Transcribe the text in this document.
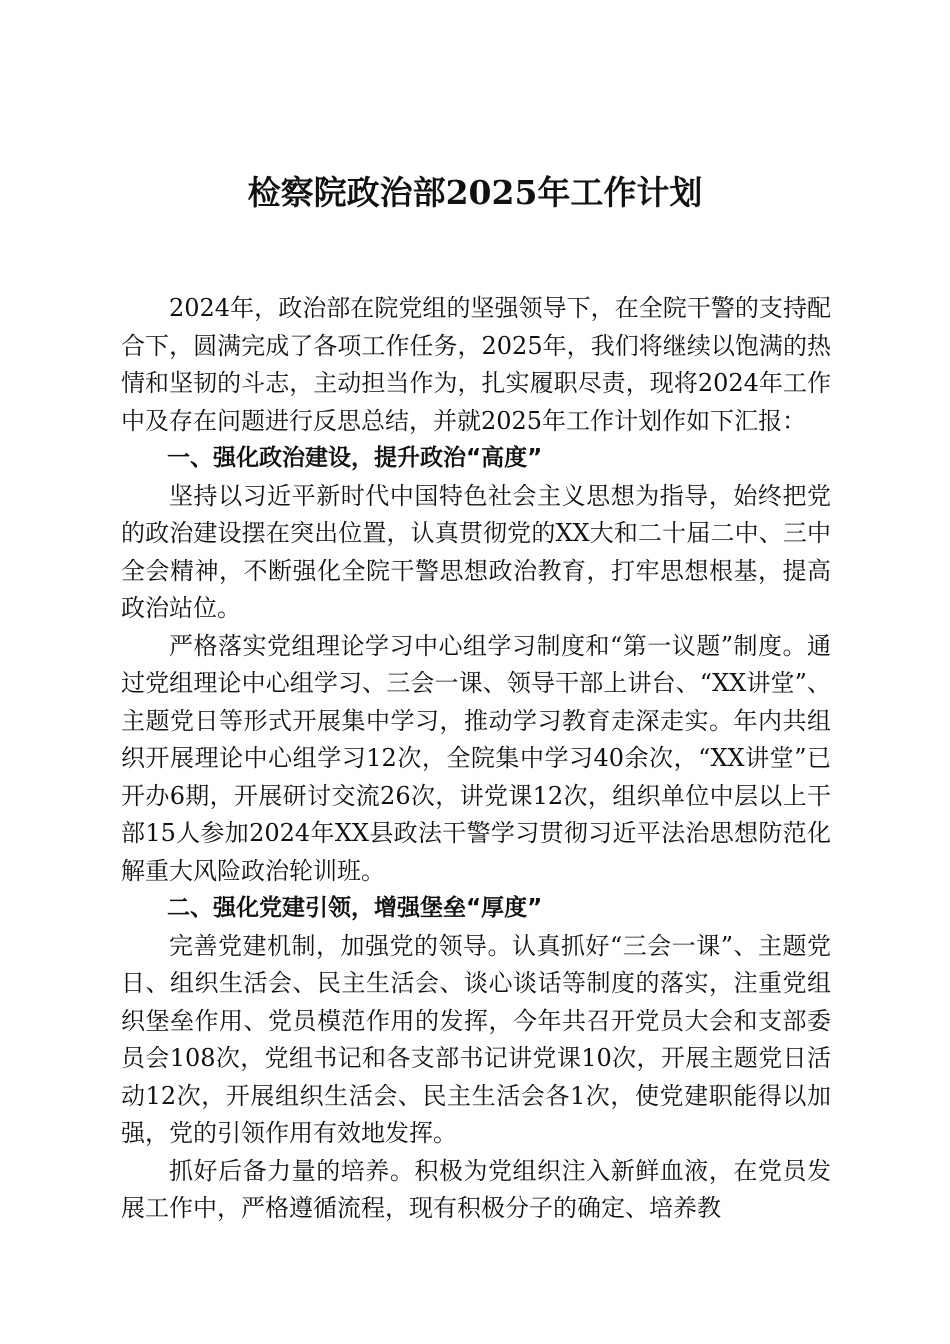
检察院政治部2025年工作计划

2024年，政治部在院党组的坚强领导下，在全院干警的支持配合下，圆满完成了各项工作任务，2025年，我们将继续以饱满的热情和坚韧的斗志，主动担当作为，扎实履职尽责，现将2024年工作中及存在问题进行反思总结，并就2025年工作计划作如下汇报：

一、强化政治建设，提升政治“高度”

坚持以习近平新时代中国特色社会主义思想为指导，始终把党的政治建设摆在突出位置，认真贯彻党的XX大和二十届二中、三中全会精神，不断强化全院干警思想政治教育，打牢思想根基，提高政治站位。

严格落实党组理论学习中心组学习制度和“第一议题”制度。通过党组理论中心组学习、三会一课、领导干部上讲台、“XX讲堂”、主题党日等形式开展集中学习，推动学习教育走深走实。年内共组织开展理论中心组学习12次，全院集中学习40余次，“XX讲堂”已开办6期，开展研讨交流26次，讲党课12次，组织单位中层以上干部15人参加2024年XX县政法干警学习贯彻习近平法治思想防范化解重大风险政治轮训班。

二、强化党建引领，增强堡垒“厚度”

完善党建机制，加强党的领导。认真抓好“三会一课”、主题党日、组织生活会、民主生活会、谈心谈话等制度的落实，注重党组织堡垒作用、党员模范作用的发挥，今年共召开党员大会和支部委员会108次，党组书记和各支部书记讲党课10次，开展主题党日活动12次，开展组织生活会、民主生活会各1次，使党建职能得以加强，党的引领作用有效地发挥。

抓好后备力量的培养。积极为党组织注入新鲜血液，在党员发展工作中，严格遵循流程，现有积极分子的确定、培养教
